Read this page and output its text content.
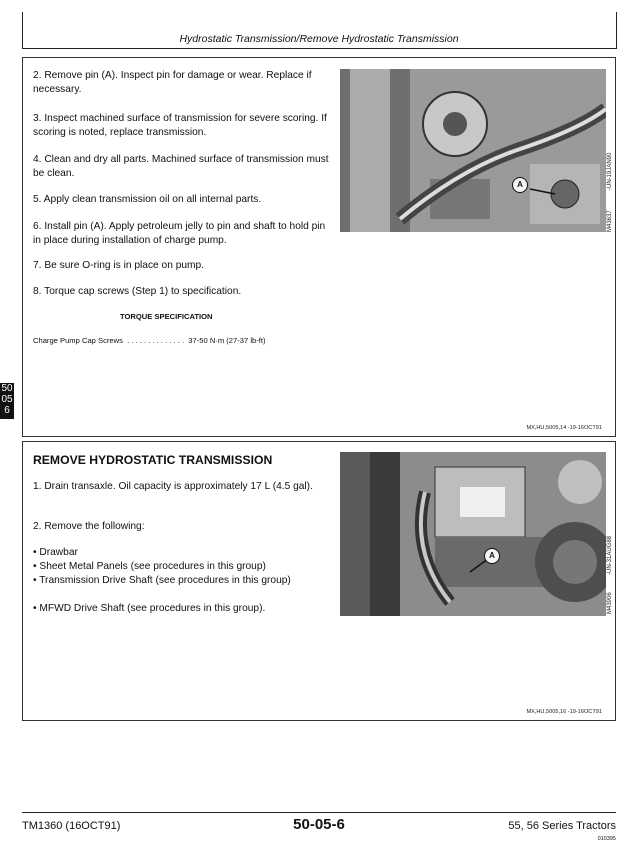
Hydrostatic Transmission/Remove Hydrostatic Transmission
2. Remove pin (A). Inspect pin for damage or wear. Replace if necessary.
3. Inspect machined surface of transmission for severe scoring. If scoring is noted, replace transmission.
4. Clean and dry all parts. Machined surface of transmission must be clean.
5. Apply clean transmission oil on all internal parts.
6. Install pin (A). Apply petroleum jelly to pin and shaft to hold pin in place during installation of charge pump.
7. Be sure O-ring is in place on pump.
8. Torque cap screws (Step 1) to specification.
TORQUE SPECIFICATION
Charge Pump Cap Screws  . . . . . . . . . . . . . .  37-50 N·m (27-37 lb-ft)
A
M43637
-UN-19JAN90
MX,HU,5005,14 -19-16OCT91
50
05
6
REMOVE HYDROSTATIC TRANSMISSION
1. Drain transaxle. Oil capacity is approximately 17 L (4.5 gal).
2. Remove the following:
• Drawbar
• Sheet Metal Panels (see procedures in this group)
• Transmission Drive Shaft (see procedures in this group)
• MFWD Drive Shaft (see procedures in this group).
A
M43906
-UN-31AUG88
MX,HU,5005,16 -19-16OCT91
TM1360 (16OCT91)	50-05-6	55, 56 Series Tractors
010395
